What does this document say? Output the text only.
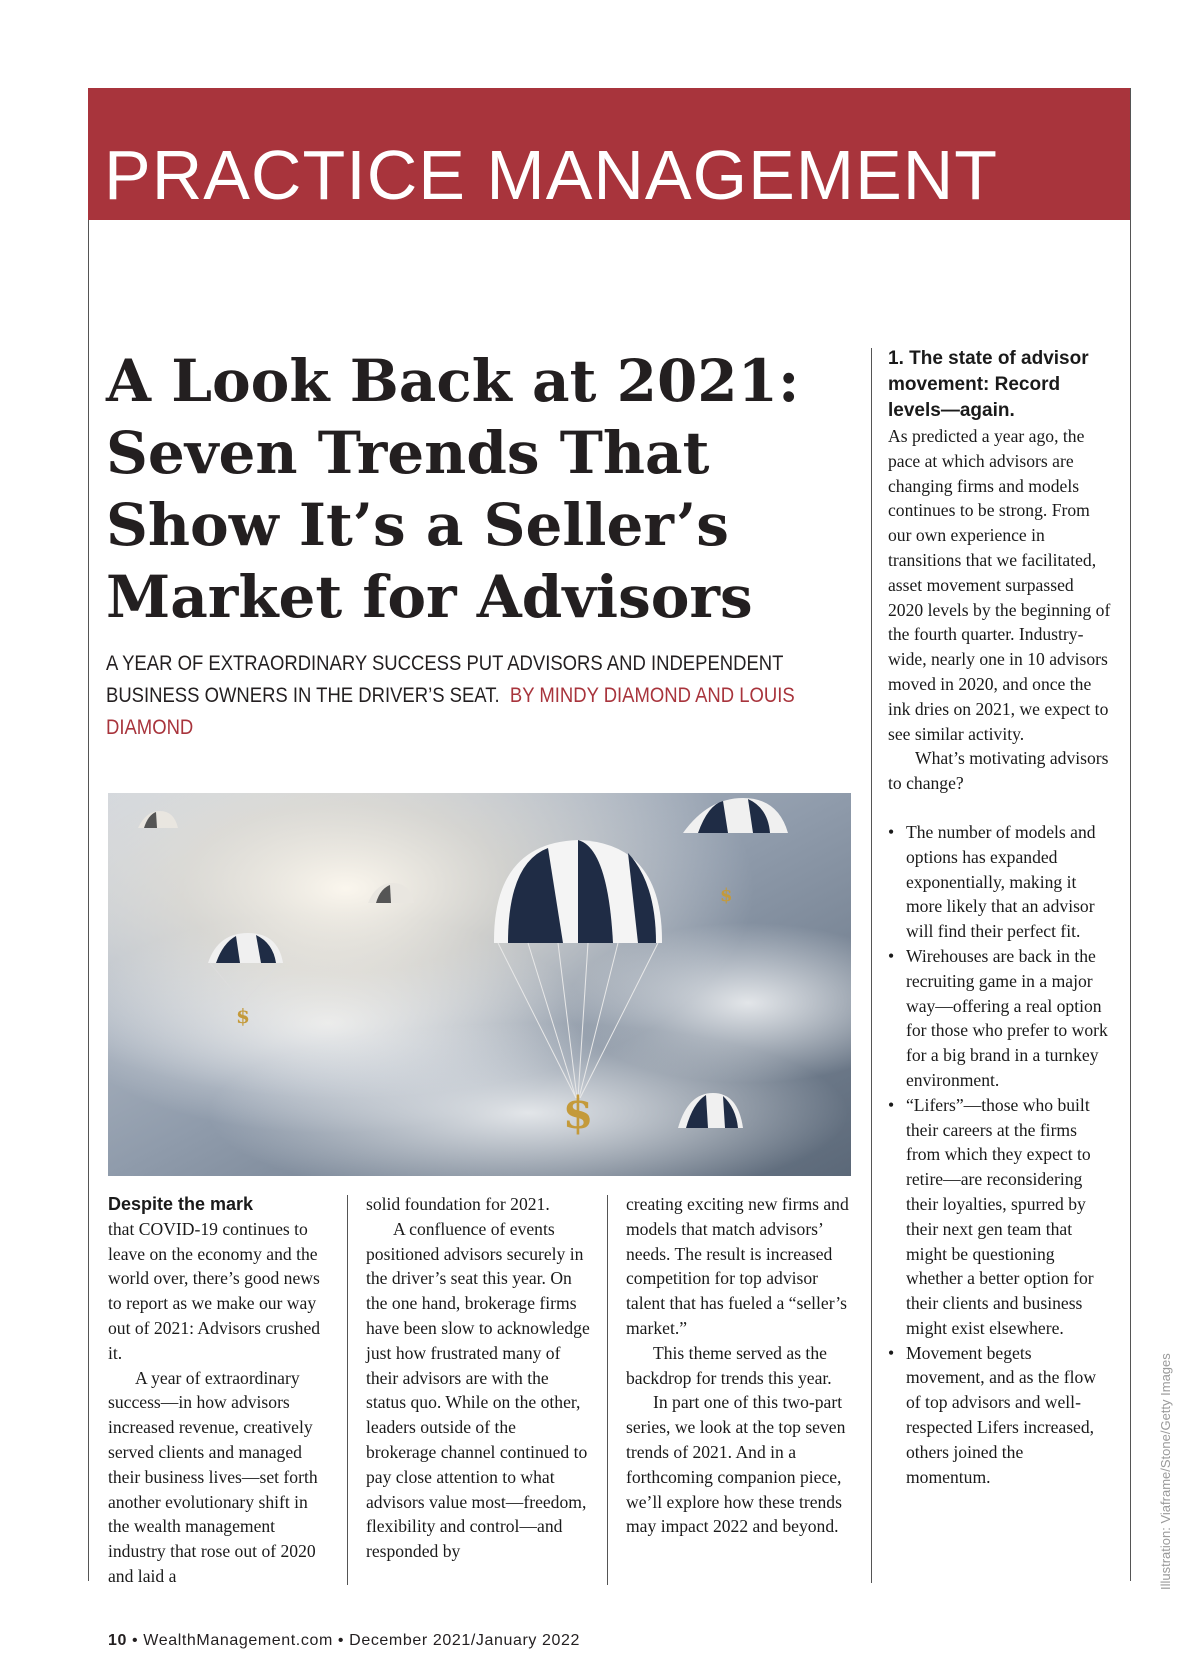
PRACTICE MANAGEMENT
A Look Back at 2021:
Seven Trends That
Show It’s a Seller’s
Market for Advisors

A YEAR OF EXTRAORDINARY SUCCESS PUT ADVISORS AND INDEPENDENT BUSINESS OWNERS IN THE DRIVER’S SEAT. BY MINDY DIAMOND AND LOUIS DIAMOND

$
$
$

Despite the mark
that COVID-19 continues to leave on the economy and the world over, there’s good news to report as we make our way out of 2021: Advisors crushed it.

A year of extraordinary success—in how advisors increased revenue, creatively served clients and managed their business lives—set forth another evolutionary shift in the wealth management industry that rose out of 2020 and laid a

solid foundation for 2021.

A confluence of events positioned advisors securely in the driver’s seat this year. On the one hand, brokerage firms have been slow to acknowledge just how frustrated many of their advisors are with the status quo. While on the other, leaders outside of the brokerage channel continued to pay close attention to what advisors value most—freedom, flexibility and control—and responded by

creating exciting new firms and models that match advisors’ needs. The result is increased competition for top advisor talent that has fueled a “seller’s market.”

This theme served as the backdrop for trends this year.

In part one of this two-part series, we look at the top seven trends of 2021. And in a forthcoming companion piece, we’ll explore how these trends may impact 2022 and beyond.

1. The state of advisor movement: Record levels—again.

As predicted a year ago, the pace at which advisors are changing firms and models continues to be strong. From our own experience in transitions that we facilitated, asset movement surpassed 2020 levels by the beginning of the fourth quarter. Industry-wide, nearly one in 10 advisors moved in 2020, and once the ink dries on 2021, we expect to see similar activity.

What’s motivating advisors to change?

• The number of models and options has expanded exponentially, making it more likely that an advisor will find their perfect fit.
• Wirehouses are back in the recruiting game in a major way—offering a real option for those who prefer to work for a big brand in a turnkey environment.
• “Lifers”—those who built their careers at the firms from which they expect to retire—are reconsidering their loyalties, spurred by their next gen team that might be questioning whether a better option for their clients and business might exist elsewhere.
• Movement begets movement, and as the flow of top advisors and well-respected Lifers increased, others joined the momentum.	Illustration: Viaframe/Stone/Getty Images

10 • WealthManagement.com • December 2021/January 2022
